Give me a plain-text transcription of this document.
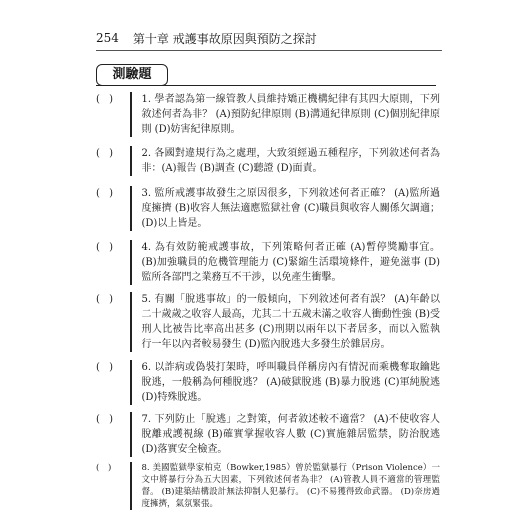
254 第十章 戒護事故原因與預防之探討
測驗題
( )	1. 學者認為第一線管教人員維持矯正機構紀律有其四大原則，下列敘述何者為非？ (A)預防紀律原則 (B)溝通紀律原則 (C)個別紀律原則 (D)妨害紀律原則。
( )	2. 各國對違規行為之處理，大致須經過五種程序，下列敘述何者為非：(A)報告 (B)調查 (C)聽證 (D)面責。
( )	3. 監所戒護事故發生之原因很多，下列敘述何者正確？ (A)監所過度擁擠 (B)收容人無法適應監獄社會 (C)職員與收容人關係欠調適；(D)以上皆是。
( )	4. 為有效防範戒護事故，下列策略何者正確 (A)暫停獎勵事宜。 (B)加強職員的危機管理能力 (C)緊縮生活環境條件，避免滋事 (D)監所各部門之業務互不干涉，以免產生衝擊。
( )	5. 有關「脫逃事故」的一般傾向，下列敘述何者有誤？ (A)年齡以二十歲歲之收容人最高，尤其二十五歲未滿之收容人衝動性強 (B)受刑人比被告比率高出甚多 (C)刑期以兩年以下者居多，而以入監執行一年以內者較易發生 (D)監內脫逃大多發生於雜居房。
( )	6. 以詐病或偽裝打架時，呼叫職員佯稱房內有情況而乘機奪取鑰匙脫逃，一般稱為何種脫逃？ (A)破獄脫逃 (B)暴力脫逃 (C)軍純脫逃 (D)特殊脫逃。
( )	7. 下列防止「脫逃」之對策，何者敘述較不適當？ (A)不使收容人脫離戒護視線 (B)確實掌握收容人數 (C)實施雜居監禁，防治脫逃 (D)落實安全檢查。
( )	8. 美國監獄學家柏克（Bowker,1985）曾於監獄暴行（Prison Violence）一文中將暴行分為五大因素，下列敘述何者為非？ (A)管教人員不適當的管理監督。 (B)建築結構設計無法抑制人犯暴行。 (C)不易獲得致命武器。 (D)奈房過度擁擠，氣氛緊張。
